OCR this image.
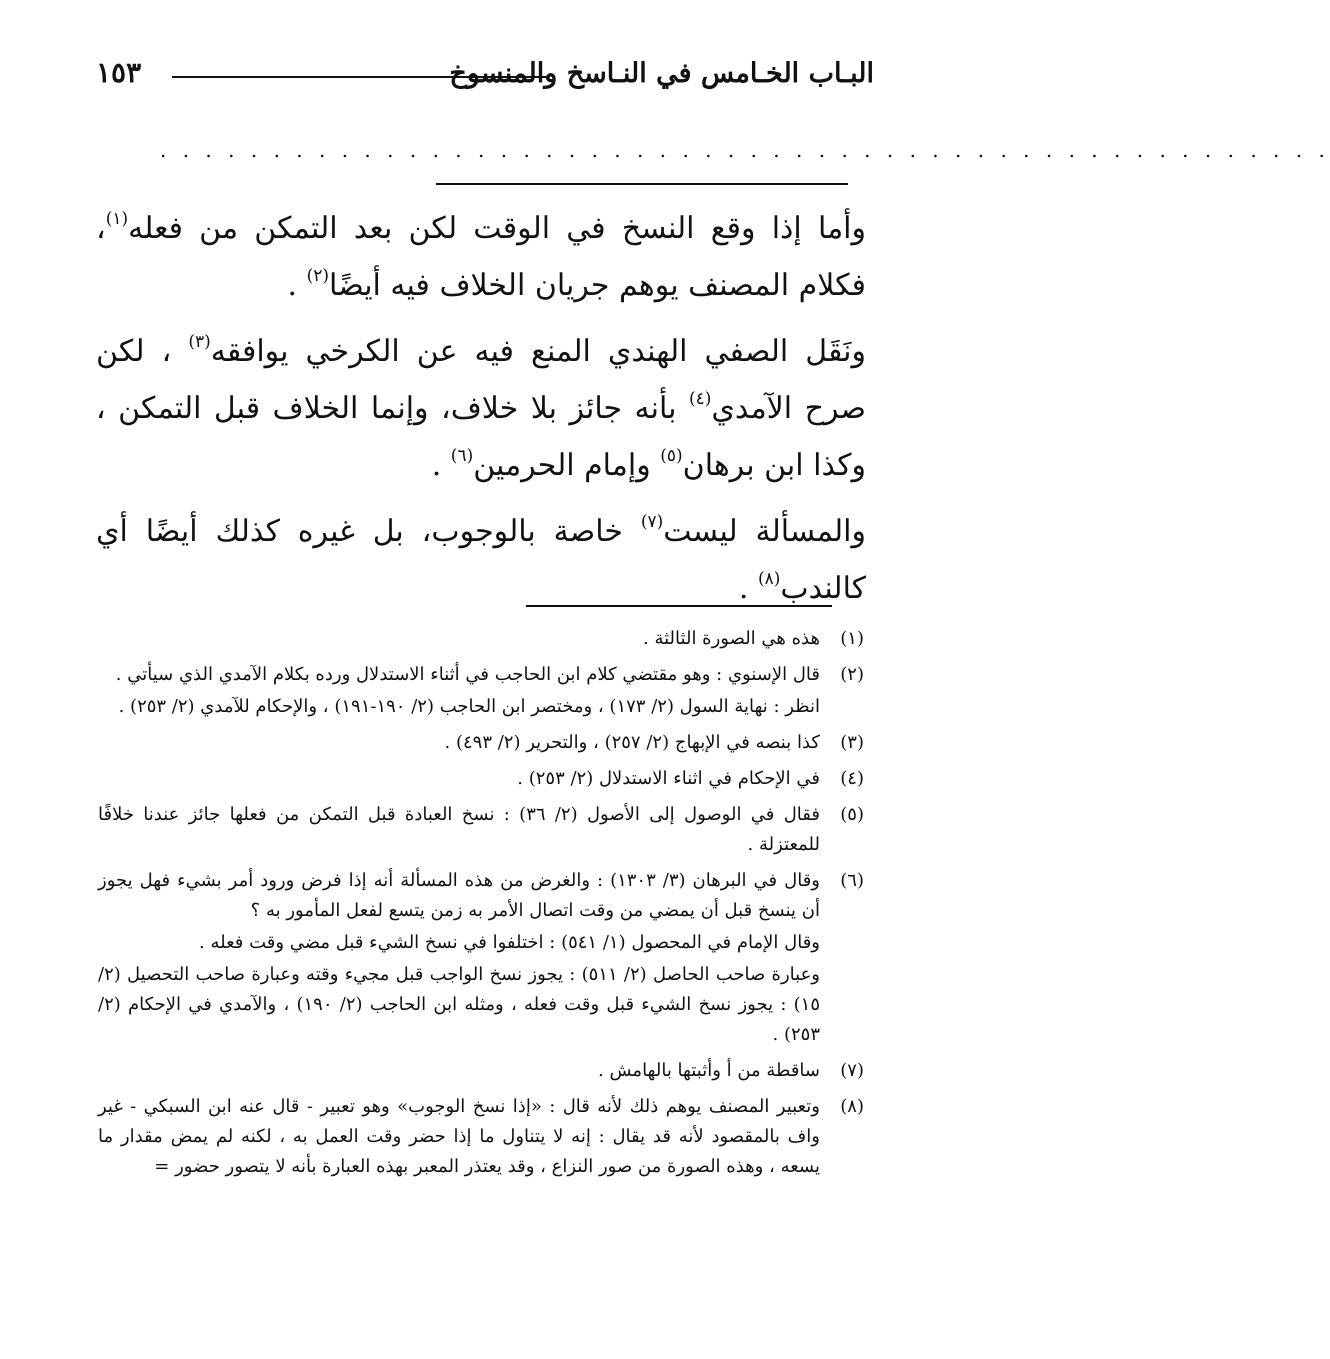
البـاب الخـامس في النـاسخ والمنسوخ
١٥٣
. . . . . . . . . . . . . . . . . . . . . . . . . . . . . . . . . . . . . . . . . . . . . . . . . . . .

وأما إذا وقع النسخ في الوقت لكن بعد التمكن من فعله$^{(١)}$، فكلام المصنف يوهم جريان الخلاف فيه أيضًا$^{(٢)}$ .

ونَقَل الصفي الهندي المنع فيه عن الكرخي يوافقه$^{(٣)}$ ، لكن صرح الآمدي$^{(٤)}$ بأنه جائز بلا خلاف، وإنما الخلاف قبل التمكن ، وكذا ابن برهان$^{(٥)}$ وإمام الحرمين$^{(٦)}$ .

والمسألة ليست$^{(٧)}$ خاصة بالوجوب، بل غيره كذلك أيضًا أي كالندب$^{(٨)}$ .

(١)
هذه هي الصورة الثالثة .
(٢)
قال الإسنوي : وهو مقتضي كلام ابن الحاجب في أثناء الاستدلال ورده بكلام الآمدي الذي سيأتي .
انظر : نهاية السول (٢/ ١٧٣) ، ومختصر ابن الحاجب (٢/ ١٩٠-١٩١) ، والإحكام للآمدي (٢/ ٢٥٣) .
(٣)
كذا بنصه في الإبهاج (٢/ ٢٥٧) ، والتحرير (٢/ ٤٩٣) .
(٤)
في الإحكام في اثناء الاستدلال (٢/ ٢٥٣) .
(٥)
فقال في الوصول إلى الأصول (٢/ ٣٦) : نسخ العبادة قبل التمكن من فعلها جائز عندنا خلافًا للمعتزلة .
(٦)
وقال في البرهان (٣/ ١٣٠٣) : والغرض من هذه المسألة أنه إذا فرض ورود أمر بشيء فهل يجوز أن ينسخ قبل أن يمضي من وقت اتصال الأمر به زمن يتسع لفعل المأمور به ؟
وقال الإمام في المحصول (١/ ٥٤١) : اختلفوا في نسخ الشيء قبل مضي وقت فعله .
وعبارة صاحب الحاصل (٢/ ٥١١) : يجوز نسخ الواجب قبل مجيء وقته وعبارة صاحب التحصيل (٢/ ١٥) : يجوز نسخ الشيء قبل وقت فعله ، ومثله ابن الحاجب (٢/ ١٩٠) ، والآمدي في الإحكام (٢/ ٢٥٣) .
(٧)
ساقطة من أ وأثبتها بالهامش .
(٨)
وتعبير المصنف يوهم ذلك لأنه قال : «إذا نسخ الوجوب» وهو تعبير - قال عنه ابن السبكي - غير واف بالمقصود لأنه قد يقال : إنه لا يتناول ما إذا حضر وقت العمل به ، لكنه لم يمض مقدار ما يسعه ، وهذه الصورة من صور النزاع ، وقد يعتذر المعبر بهذه العبارة بأنه لا يتصور حضور =
